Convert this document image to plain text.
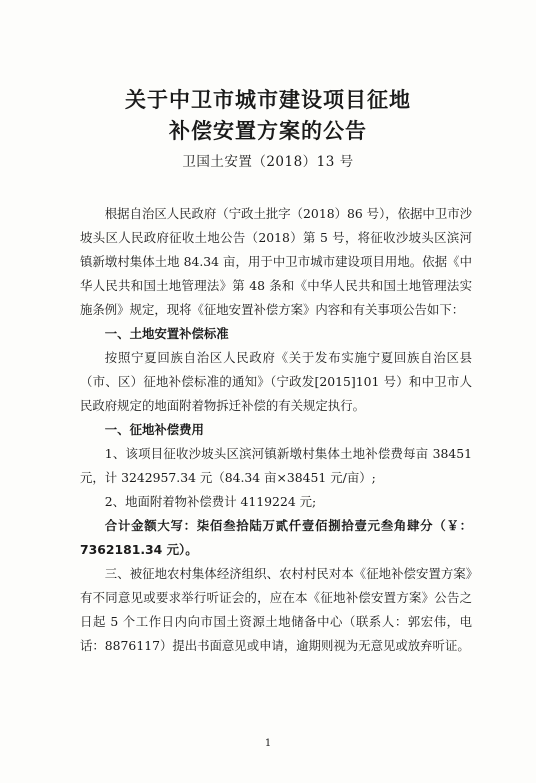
关于中卫市城市建设项目征地
补偿安置方案的公告
卫国土安置（2018）13 号

根据自治区人民政府（宁政土批字（2018）86 号），依据中卫市沙坡头区人民政府征收土地公告（2018）第 5 号，将征收沙坡头区滨河镇新墩村集体土地 84.34 亩，用于中卫市城市建设项目用地。依据《中华人民共和国土地管理法》第 48 条和《中华人民共和国土地管理法实施条例》规定，现将《征地安置补偿方案》内容和有关事项公告如下：

一、土地安置补偿标准

按照宁夏回族自治区人民政府《关于发布实施宁夏回族自治区县（市、区）征地补偿标准的通知》（宁政发[2015]101 号）和中卫市人民政府规定的地面附着物拆迁补偿的有关规定执行。

一、征地补偿费用

1、该项目征收沙坡头区滨河镇新墩村集体土地补偿费每亩 38451 元，计 3242957.34 元（84.34 亩×38451 元/亩）;

2、地面附着物补偿费计 4119224 元;

合计金额大写：柒佰叁拾陆万贰仟壹佰捌拾壹元叁角肆分（￥：7362181.34 元）。

三、被征地农村集体经济组织、农村村民对本《征地补偿安置方案》有不同意见或要求举行听证会的，应在本《征地补偿安置方案》公告之日起 5 个工作日内向市国土资源土地储备中心（联系人：郭宏伟，电话：8876117）提出书面意见或申请，逾期则视为无意见或放弃听证。

1
